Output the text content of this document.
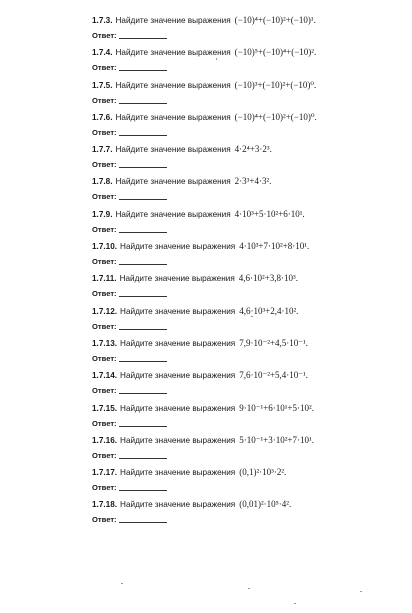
1.7.3. Найдите значение выражения (−10)⁴+(−10)²+(−10)¹.
Ответ:
1.7.4. Найдите значение выражения (−10)⁵+(−10)⁴+(−10)².
Ответ:
1.7.5. Найдите значение выражения (−10)³+(−10)²+(−10)⁰.
Ответ:
1.7.6. Найдите значение выражения (−10)⁴+(−10)²+(−10)⁰.
Ответ:
1.7.7. Найдите значение выражения 4·2⁴+3·2³.
Ответ:
1.7.8. Найдите значение выражения 2·3³+4·3².
Ответ:
1.7.9. Найдите значение выражения 4·10³+5·10²+6·10¹.
Ответ:
1.7.10. Найдите значение выражения 4·10³+7·10²+8·10¹.
Ответ:
1.7.11. Найдите значение выражения 4,6·10²+3,8·10³.
Ответ:
1.7.12. Найдите значение выражения 4,6·10³+2,4·10².
Ответ:
1.7.13. Найдите значение выражения 7,9·10⁻²+4,5·10⁻¹.
Ответ:
1.7.14. Найдите значение выражения 7,6·10⁻²+5,4·10⁻¹.
Ответ:
1.7.15. Найдите значение выражения 9·10⁻¹+6·10¹+5·10².
Ответ:
1.7.16. Найдите значение выражения 5·10⁻¹+3·10²+7·10¹.
Ответ:
1.7.17. Найдите значение выражения (0,1)²·10³·2².
Ответ:
1.7.18. Найдите значение выражения (0,01)²·10⁵·4².
Ответ:
